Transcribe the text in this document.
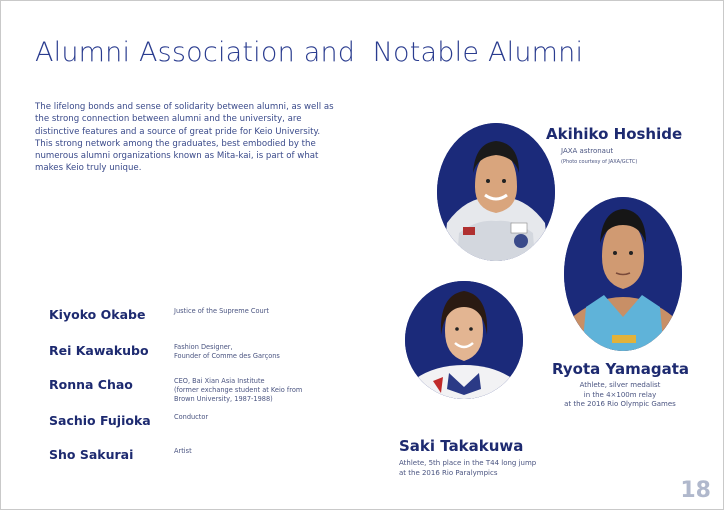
Alumni Association and  Notable Alumni

The lifelong bonds and sense of solidarity between alumni, as well as the strong connection between alumni and the university, are distinctive features and a source of great pride for Keio University. This strong network among the graduates, best embodied by the numerous alumni organizations known as Mita-kai, is part of what makes Keio truly unique.

Kiyoko Okabe	Justice of the Supreme Court
Rei Kawakubo	Fashion Designer,
Founder of Comme des Garçons
Ronna Chao	CEO, Bai Xian Asia Institute
(former exchange student at Keio from Brown University, 1987-1988)
Sachio Fujioka	Conductor
Sho Sakurai	Artist
Akihiko Hoshide
JAXA astronaut
(Photo courtesy of JAXA/GCTC)
Ryota Yamagata
Athlete, silver medalist
in the 4×100m relay
at the 2016 Rio Olympic Games
Saki Takakuwa
Athlete, 5th place in the T44 long jump
at the 2016 Rio Paralympics
18
